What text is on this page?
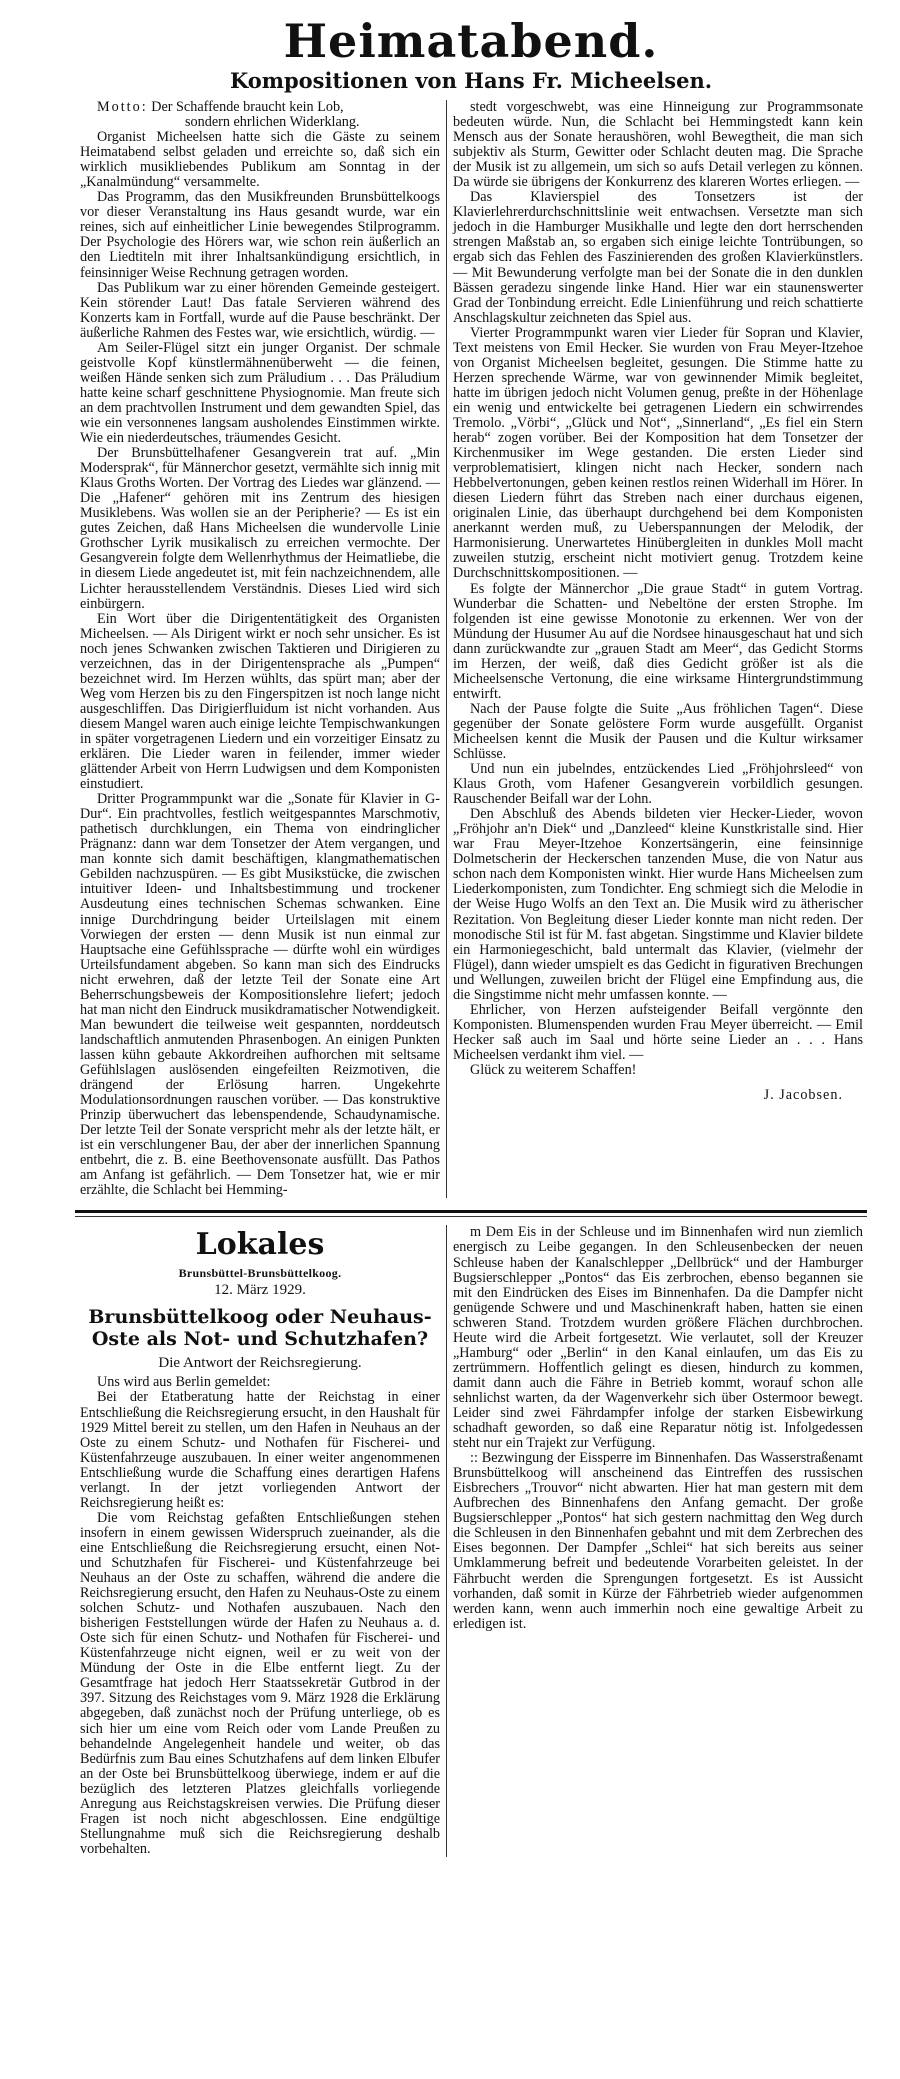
Heimatabend.
Kompositionen von Hans Fr. Micheelsen.

Motto: Der Schaffende braucht kein Lob,
sondern ehrlichen Widerklang.

Organist Micheelsen hatte sich die Gäste zu seinem Heimatabend selbst geladen und erreichte so, daß sich ein wirklich musikliebendes Publikum am Sonntag in der „Kanalmündung“ versammelte.

Das Programm, das den Musikfreunden Brunsbüttelkoogs vor dieser Veranstaltung ins Haus gesandt wurde, war ein reines, sich auf einheitlicher Linie bewegendes Stilprogramm. Der Psychologie des Hörers war, wie schon rein äußerlich an den Liedtiteln mit ihrer Inhaltsankündigung ersichtlich, in feinsinniger Weise Rechnung getragen worden.

Das Publikum war zu einer hörenden Gemeinde gesteigert. Kein störender Laut! Das fatale Servieren während des Konzerts kam in Fortfall, wurde auf die Pause beschränkt. Der äußerliche Rahmen des Festes war, wie ersichtlich, würdig. —

Am Seiler-Flügel sitzt ein junger Organist. Der schmale geistvolle Kopf künstlermähnenüberweht — die feinen, weißen Hände senken sich zum Präludium . . . Das Präludium hatte keine scharf geschnittene Physiognomie. Man freute sich an dem prachtvollen Instrument und dem gewandten Spiel, das wie ein versonnenes langsam ausholendes Einstimmen wirkte. Wie ein niederdeutsches, träumendes Gesicht.

Der Brunsbüttelhafener Gesangverein trat auf. „Min Modersprak“, für Männerchor gesetzt, vermählte sich innig mit Klaus Groths Worten. Der Vortrag des Liedes war glänzend. — Die „Hafener“ gehören mit ins Zentrum des hiesigen Musiklebens. Was wollen sie an der Peripherie? — Es ist ein gutes Zeichen, daß Hans Micheelsen die wundervolle Linie Grothscher Lyrik musikalisch zu erreichen vermochte. Der Gesangverein folgte dem Wellenrhythmus der Heimatliebe, die in diesem Liede angedeutet ist, mit fein nachzeichnendem, alle Lichter herausstellendem Verständnis. Dieses Lied wird sich einbürgern.

Ein Wort über die Dirigententätigkeit des Organisten Micheelsen. — Als Dirigent wirkt er noch sehr unsicher. Es ist noch jenes Schwanken zwischen Taktieren und Dirigieren zu verzeichnen, das in der Dirigentensprache als „Pumpen“ bezeichnet wird. Im Herzen wühlts, das spürt man; aber der Weg vom Herzen bis zu den Fingerspitzen ist noch lange nicht ausgeschliffen. Das Dirigierfluidum ist nicht vorhanden. Aus diesem Mangel waren auch einige leichte Tempischwankungen in später vorgetragenen Liedern und ein vorzeitiger Einsatz zu erklären. Die Lieder waren in feilender, immer wieder glättender Arbeit von Herrn Ludwigsen und dem Komponisten einstudiert.

Dritter Programmpunkt war die „Sonate für Klavier in G-Dur“. Ein prachtvolles, festlich weitgespanntes Marschmotiv, pathetisch durchklungen, ein Thema von eindringlicher Prägnanz: dann war dem Tonsetzer der Atem vergangen, und man konnte sich damit beschäftigen, klangmathematischen Gebilden nachzuspüren. — Es gibt Musikstücke, die zwischen intuitiver Ideen- und Inhaltsbestimmung und trockener Ausdeutung eines technischen Schemas schwanken. Eine innige Durchdringung beider Urteilslagen mit einem Vorwiegen der ersten — denn Musik ist nun einmal zur Hauptsache eine Gefühlssprache — dürfte wohl ein würdiges Urteilsfundament abgeben. So kann man sich des Eindrucks nicht erwehren, daß der letzte Teil der Sonate eine Art Beherrschungsbeweis der Kompositionslehre liefert; jedoch hat man nicht den Eindruck musikdramatischer Notwendigkeit. Man bewundert die teilweise weit gespannten, norddeutsch landschaftlich anmutenden Phrasenbogen. An einigen Punkten lassen kühn gebaute Akkordreihen aufhorchen mit seltsame Gefühlslagen auslösenden eingefeilten Reizmotiven, die drängend der Erlösung harren. Ungekehrte Modulationsordnungen rauschen vorüber. — Das konstruktive Prinzip überwuchert das lebenspendende, Schaudynamische. Der letzte Teil der Sonate verspricht mehr als der letzte hält, er ist ein verschlungener Bau, der aber der innerlichen Spannung entbehrt, die z. B. eine Beethovensonate ausfüllt. Das Pathos am Anfang ist gefährlich. — Dem Tonsetzer hat, wie er mir erzählte, die Schlacht bei Hemming-

stedt vorgeschwebt, was eine Hinneigung zur Programmsonate bedeuten würde. Nun, die Schlacht bei Hemmingstedt kann kein Mensch aus der Sonate heraushören, wohl Bewegtheit, die man sich subjektiv als Sturm, Gewitter oder Schlacht deuten mag. Die Sprache der Musik ist zu allgemein, um sich so aufs Detail verlegen zu können. Da würde sie übrigens der Konkurrenz des klareren Wortes erliegen. —

Das Klavierspiel des Tonsetzers ist der Klavierlehrerdurchschnittslinie weit entwachsen. Versetzte man sich jedoch in die Hamburger Musikhalle und legte den dort herrschenden strengen Maßstab an, so ergaben sich einige leichte Tontrübungen, so ergab sich das Fehlen des Faszinierenden des großen Klavierkünstlers. — Mit Bewunderung verfolgte man bei der Sonate die in den dunklen Bässen geradezu singende linke Hand. Hier war ein staunenswerter Grad der Tonbindung erreicht. Edle Linienführung und reich schattierte Anschlagskultur zeichneten das Spiel aus.

Vierter Programmpunkt waren vier Lieder für Sopran und Klavier, Text meistens von Emil Hecker. Sie wurden von Frau Meyer-Itzehoe von Organist Micheelsen begleitet, gesungen. Die Stimme hatte zu Herzen sprechende Wärme, war von gewinnender Mimik begleitet, hatte im übrigen jedoch nicht Volumen genug, preßte in der Höhenlage ein wenig und entwickelte bei getragenen Liedern ein schwirrendes Tremolo. „Vörbi“, „Glück und Not“, „Sinnerland“, „Es fiel ein Stern herab“ zogen vorüber. Bei der Komposition hat dem Tonsetzer der Kirchenmusiker im Wege gestanden. Die ersten Lieder sind verproblematisiert, klingen nicht nach Hecker, sondern nach Hebbelvertonungen, geben keinen restlos reinen Widerhall im Hörer. In diesen Liedern führt das Streben nach einer durchaus eigenen, originalen Linie, das überhaupt durchgehend bei dem Komponisten anerkannt werden muß, zu Ueberspannungen der Melodik, der Harmonisierung. Unerwartetes Hinübergleiten in dunkles Moll macht zuweilen stutzig, erscheint nicht motiviert genug. Trotzdem keine Durchschnittskompositionen. —

Es folgte der Männerchor „Die graue Stadt“ in gutem Vortrag. Wunderbar die Schatten- und Nebeltöne der ersten Strophe. Im folgenden ist eine gewisse Monotonie zu erkennen. Wer von der Mündung der Husumer Au auf die Nordsee hinausgeschaut hat und sich dann zurückwandte zur „grauen Stadt am Meer“, das Gedicht Storms im Herzen, der weiß, daß dies Gedicht größer ist als die Micheelsensche Vertonung, die eine wirksame Hintergrundstimmung entwirft.

Nach der Pause folgte die Suite „Aus fröhlichen Tagen“. Diese gegenüber der Sonate gelöstere Form wurde ausgefüllt. Organist Micheelsen kennt die Musik der Pausen und die Kultur wirksamer Schlüsse.

Und nun ein jubelndes, entzückendes Lied „Fröhjohrsleed“ von Klaus Groth, vom Hafener Gesangverein vorbildlich gesungen. Rauschender Beifall war der Lohn.

Den Abschluß des Abends bildeten vier Hecker-Lieder, wovon „Fröhjohr an'n Diek“ und „Danzleed“ kleine Kunstkristalle sind. Hier war Frau Meyer-Itzehoe Konzertsängerin, eine feinsinnige Dolmetscherin der Heckerschen tanzenden Muse, die von Natur aus schon nach dem Komponisten winkt. Hier wurde Hans Micheelsen zum Liederkomponisten, zum Tondichter. Eng schmiegt sich die Melodie in der Weise Hugo Wolfs an den Text an. Die Musik wird zu ätherischer Rezitation. Von Begleitung dieser Lieder konnte man nicht reden. Der monodische Stil ist für M. fast abgetan. Singstimme und Klavier bildete ein Harmoniegeschicht, bald untermalt das Klavier, (vielmehr der Flügel), dann wieder umspielt es das Gedicht in figurativen Brechungen und Wellungen, zuweilen bricht der Flügel eine Empfindung aus, die die Singstimme nicht mehr umfassen konnte. —

Ehrlicher, von Herzen aufsteigender Beifall vergönnte den Komponisten. Blumenspenden wurden Frau Meyer überreicht. — Emil Hecker saß auch im Saal und hörte seine Lieder an . . . Hans Micheelsen verdankt ihm viel. —

Glück zu weiterem Schaffen!

J. Jacobsen.

Lokales
Brunsbüttel-Brunsbüttelkoog.
12. März 1929.
Brunsbüttelkoog oder Neuhaus-Oste als Not- und Schutzhafen?
Die Antwort der Reichsregierung.

Uns wird aus Berlin gemeldet:

Bei der Etatberatung hatte der Reichstag in einer Entschließung die Reichsregierung ersucht, in den Haushalt für 1929 Mittel bereit zu stellen, um den Hafen in Neuhaus an der Oste zu einem Schutz- und Nothafen für Fischerei- und Küstenfahrzeuge auszubauen. In einer weiter angenommenen Entschließung wurde die Schaffung eines derartigen Hafens verlangt. In der jetzt vorliegenden Antwort der Reichsregierung heißt es:

Die vom Reichstag gefaßten Entschließungen stehen insofern in einem gewissen Widerspruch zueinander, als die eine Entschließung die Reichsregierung ersucht, einen Not- und Schutzhafen für Fischerei- und Küstenfahrzeuge bei Neuhaus an der Oste zu schaffen, während die andere die Reichsregierung ersucht, den Hafen zu Neuhaus-Oste zu einem solchen Schutz- und Nothafen auszubauen. Nach den bisherigen Feststellungen würde der Hafen zu Neuhaus a. d. Oste sich für einen Schutz- und Nothafen für Fischerei- und Küstenfahrzeuge nicht eignen, weil er zu weit von der Mündung der Oste in die Elbe entfernt liegt. Zu der Gesamtfrage hat jedoch Herr Staatssekretär Gutbrod in der 397. Sitzung des Reichstages vom 9. März 1928 die Erklärung abgegeben, daß zunächst noch der Prüfung unterliege, ob es sich hier um eine vom Reich oder vom Lande Preußen zu behandelnde Angelegenheit handele und weiter, ob das Bedürfnis zum Bau eines Schutzhafens auf dem linken Elbufer an der Oste bei Brunsbüttelkoog überwiege, indem er auf die bezüglich des letzteren Platzes gleichfalls vorliegende Anregung aus Reichstagskreisen verwies. Die Prüfung dieser Fragen ist noch nicht abgeschlossen. Eine endgültige Stellungnahme muß sich die Reichsregierung deshalb vorbehalten.

m Dem Eis in der Schleuse und im Binnenhafen wird nun ziemlich energisch zu Leibe gegangen. In den Schleusenbecken der neuen Schleuse haben der Kanalschlepper „Dellbrück“ und der Hamburger Bugsierschlepper „Pontos“ das Eis zerbrochen, ebenso begannen sie mit den Eindrücken des Eises im Binnenhafen. Da die Dampfer nicht genügende Schwere und und Maschinenkraft haben, hatten sie einen schweren Stand. Trotzdem wurden größere Flächen durchbrochen. Heute wird die Arbeit fortgesetzt. Wie verlautet, soll der Kreuzer „Hamburg“ oder „Berlin“ in den Kanal einlaufen, um das Eis zu zertrümmern. Hoffentlich gelingt es diesen, hindurch zu kommen, damit dann auch die Fähre in Betrieb kommt, worauf schon alle sehnlichst warten, da der Wagenverkehr sich über Ostermoor bewegt. Leider sind zwei Fährdampfer infolge der starken Eisbewirkung schadhaft geworden, so daß eine Reparatur nötig ist. Infolgedessen steht nur ein Trajekt zur Verfügung.

:: Bezwingung der Eissperre im Binnenhafen. Das Wasserstraßenamt Brunsbüttelkoog will anscheinend das Eintreffen des russischen Eisbrechers „Trouvor“ nicht abwarten. Hier hat man gestern mit dem Aufbrechen des Binnenhafens den Anfang gemacht. Der große Bugsierschlepper „Pontos“ hat sich gestern nachmittag den Weg durch die Schleusen in den Binnenhafen gebahnt und mit dem Zerbrechen des Eises begonnen. Der Dampfer „Schlei“ hat sich bereits aus seiner Umklammerung befreit und bedeutende Vorarbeiten geleistet. In der Fährbucht werden die Sprengungen fortgesetzt. Es ist Aussicht vorhanden, daß somit in Kürze der Fährbetrieb wieder aufgenommen werden kann, wenn auch immerhin noch eine gewaltige Arbeit zu erledigen ist.
